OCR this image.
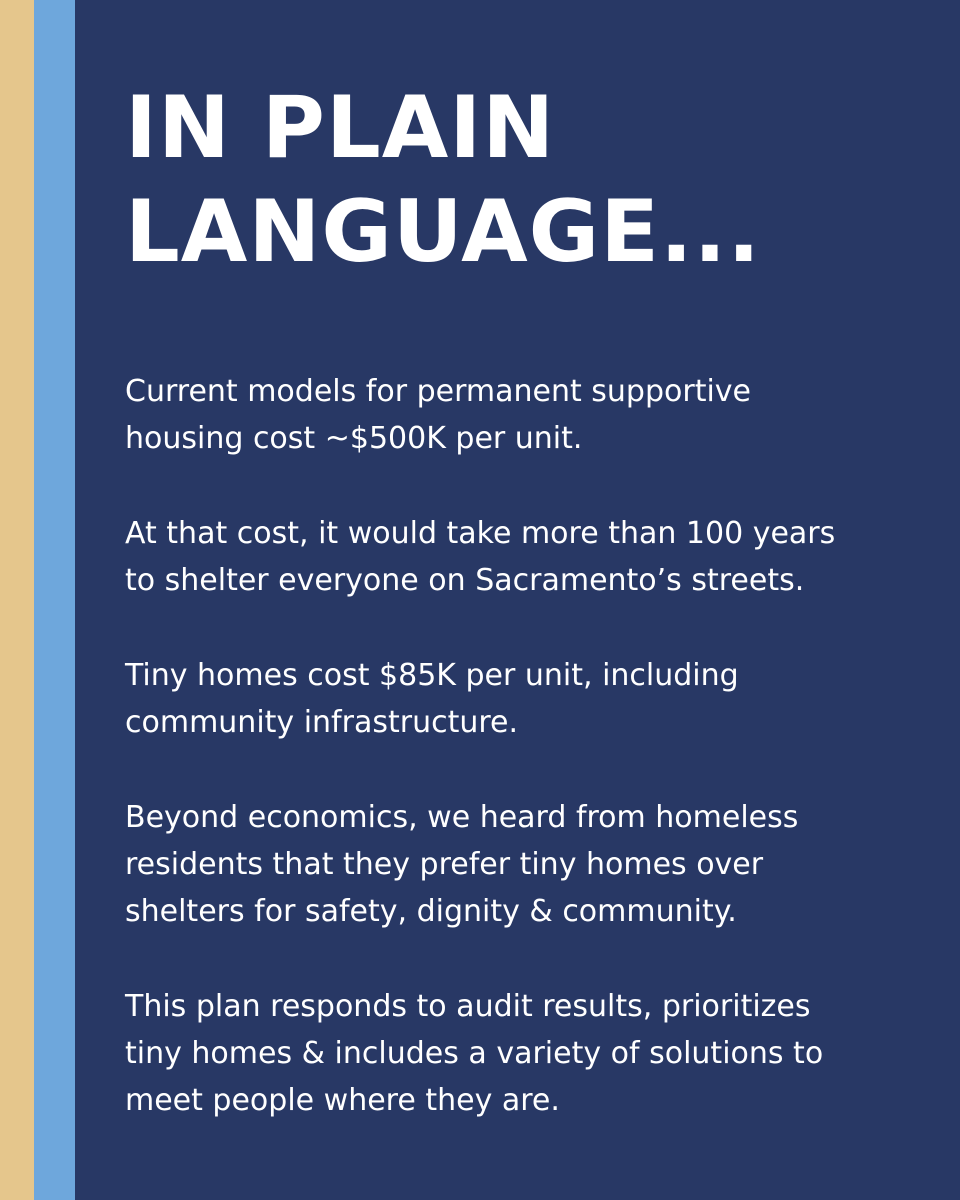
IN PLAIN
LANGUAGE...

Current models for permanent supportive
housing cost ~$500K per unit.

At that cost, it would take more than 100 years
to shelter everyone on Sacramento’s streets.

Tiny homes cost $85K per unit, including
community infrastructure.

Beyond economics, we heard from homeless
residents that they prefer tiny homes over
shelters for safety, dignity & community.

This plan responds to audit results, prioritizes
tiny homes & includes a variety of solutions to
meet people where they are.
